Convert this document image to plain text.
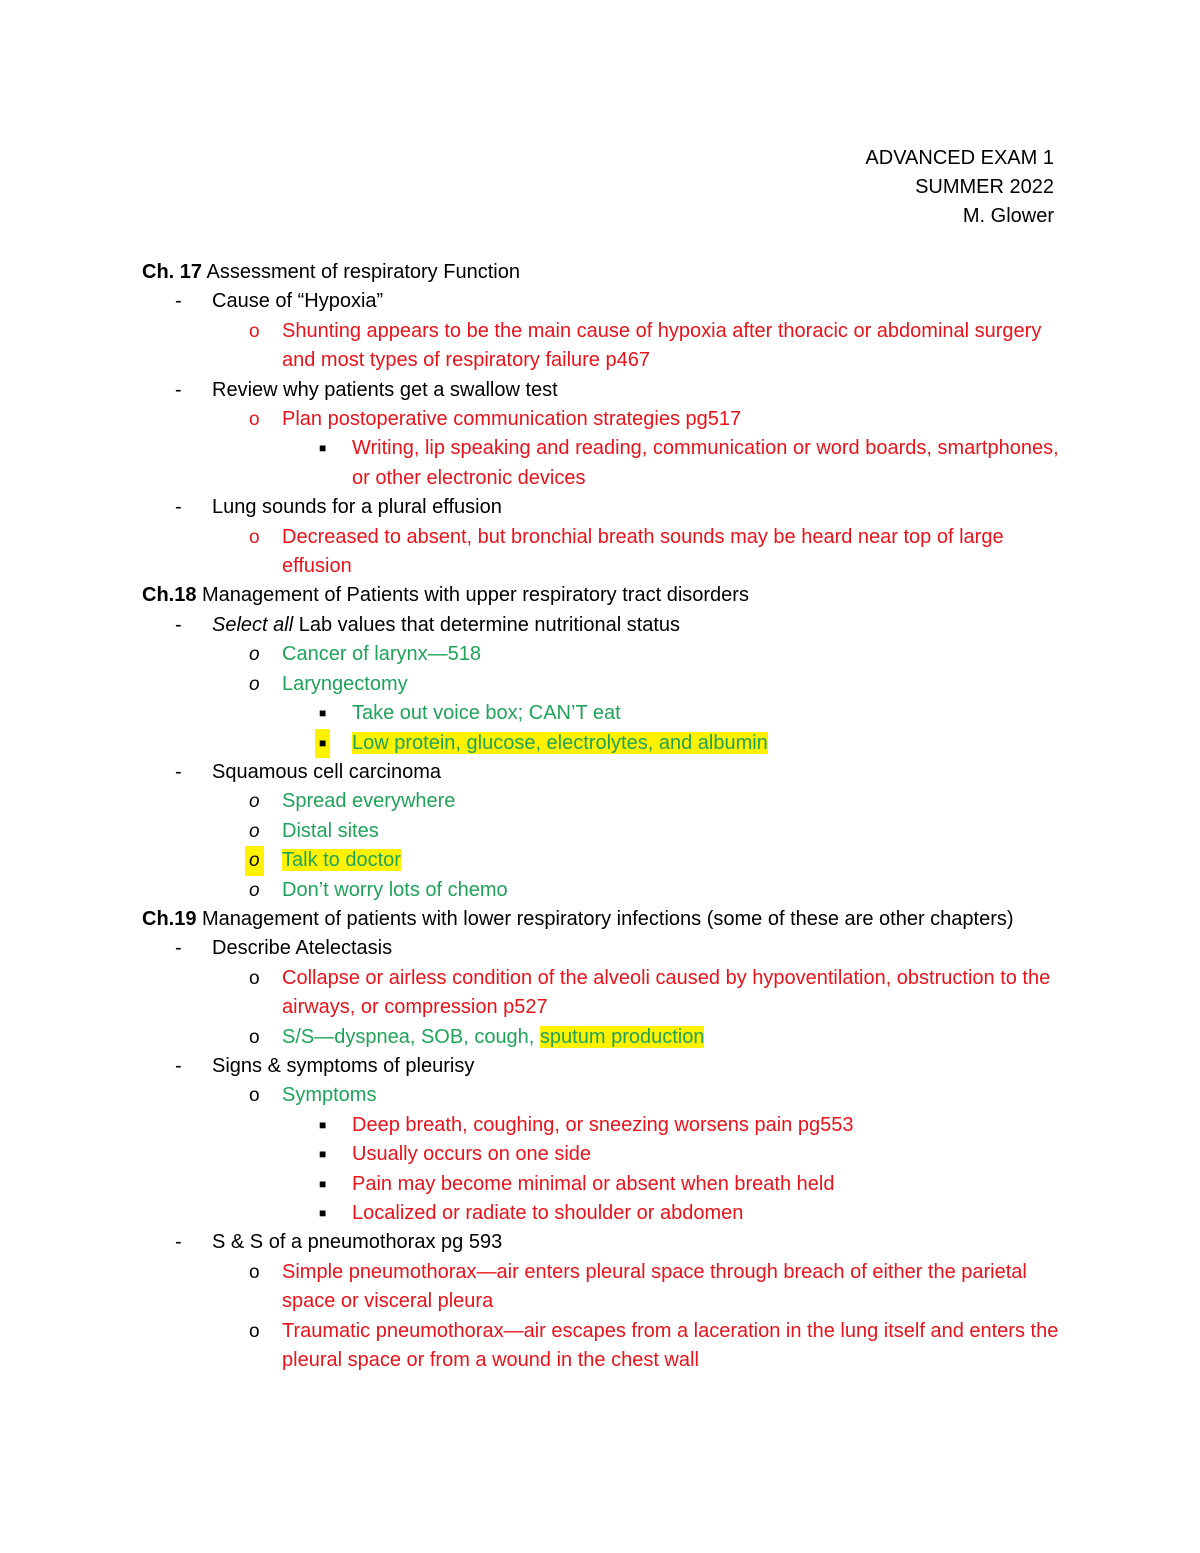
ADVANCED EXAM 1
SUMMER 2022
M. Glower
Ch. 17 Assessment of respiratory Function
- Cause of “Hypoxia”
o Shunting appears to be the main cause of hypoxia after thoracic or abdominal surgery and most types of respiratory failure p467
- Review why patients get a swallow test
o Plan postoperative communication strategies pg517
■ Writing, lip speaking and reading, communication or word boards, smartphones, or other electronic devices
- Lung sounds for a plural effusion
o Decreased to absent, but bronchial breath sounds may be heard near top of large effusion
Ch.18 Management of Patients with upper respiratory tract disorders
- Select all Lab values that determine nutritional status
o Cancer of larynx—518
o Laryngectomy
■ Take out voice box; CAN’T eat
■ Low protein, glucose, electrolytes, and albumin
- Squamous cell carcinoma
o Spread everywhere
o Distal sites
o Talk to doctor
o Don’t worry lots of chemo
Ch.19 Management of patients with lower respiratory infections (some of these are other chapters)
- Describe Atelectasis
o Collapse or airless condition of the alveoli caused by hypoventilation, obstruction to the airways, or compression p527
o S/S—dyspnea, SOB, cough, sputum production
- Signs & symptoms of pleurisy
o Symptoms
■ Deep breath, coughing, or sneezing worsens pain pg553
■ Usually occurs on one side
■ Pain may become minimal or absent when breath held
■ Localized or radiate to shoulder or abdomen
- S & S of a pneumothorax pg 593
o Simple pneumothorax—air enters pleural space through breach of either the parietal space or visceral pleura
o Traumatic pneumothorax—air escapes from a laceration in the lung itself and enters the pleural space or from a wound in the chest wall
